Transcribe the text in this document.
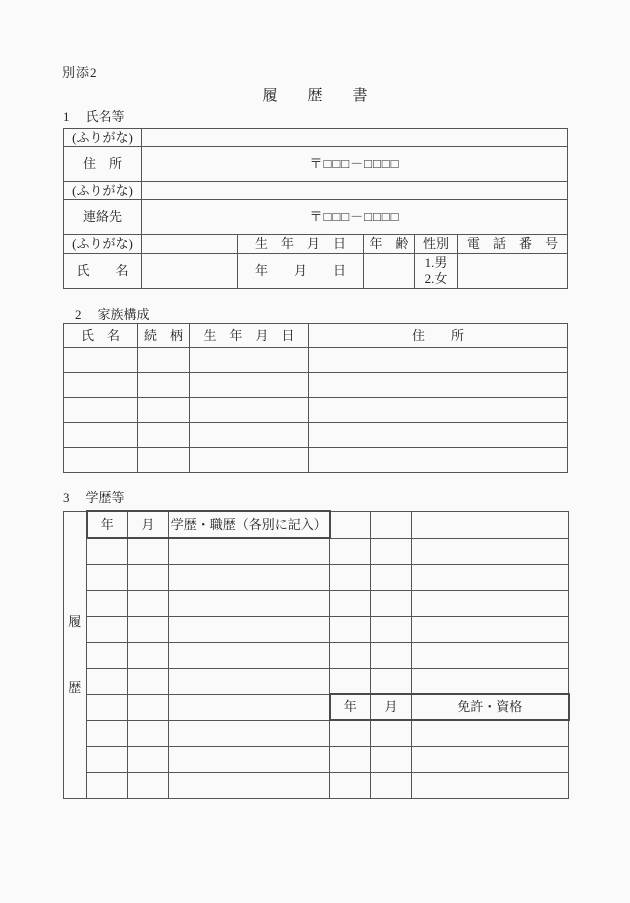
別添2
履　　歴　　書
1 氏名等
(ふりがな)					
住　所	〒□□□－□□□□				
(ふりがな)					
連絡先	〒□□□－□□□□				
(ふりがな)		生　年　月　日	年　齢	性別	電　話　番　号
氏　　名		年　　月　　日		1.男
2.女	

2 家族構成
氏　名	続　柄	生　年　月　日	住　　所

3 学歴等
履
歴	年	月	学歴・職歴（各別に記入）			

				年	月	免許・資格
